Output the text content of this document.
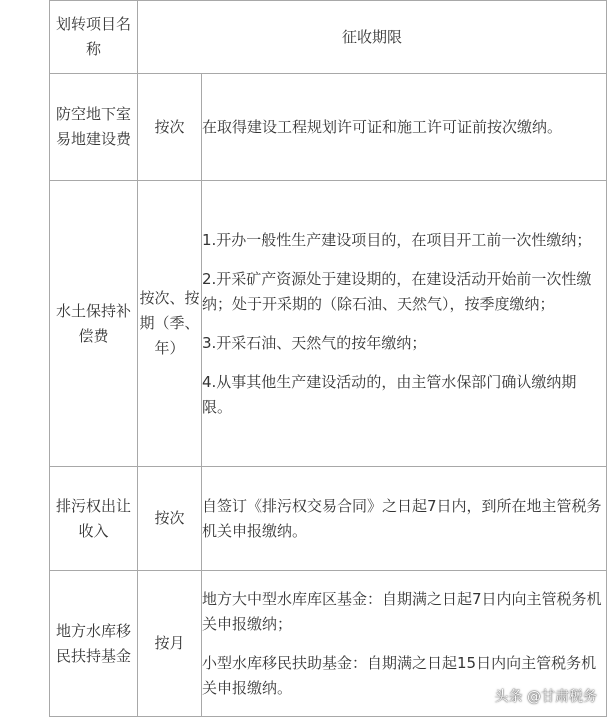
划转项目名称	征收期限	
防空地下室易地建设费	按次	在取得建设工程规划许可证和施工许可证前按次缴纳。

水土保持补偿费	按次、按期（季、年）	1.开办一般性生产建设项目的，在项目开工前一次性缴纳；

2.开采矿产资源处于建设期的，在建设活动开始前一次性缴纳；处于开采期的（除石油、天然气），按季度缴纳；

3.开采石油、天然气的按年缴纳；

4.从事其他生产建设活动的，由主管水保部门确认缴纳期限。

排污权出让收入	按次	自签订《排污权交易合同》之日起7日内，到所在地主管税务机关申报缴纳。

地方水库移民扶持基金	按月	地方大中型水库库区基金：自期满之日起7日内向主管税务机关申报缴纳；

小型水库移民扶助基金：自期满之日起15日内向主管税务机关申报缴纳。

头条 @甘肃税务
